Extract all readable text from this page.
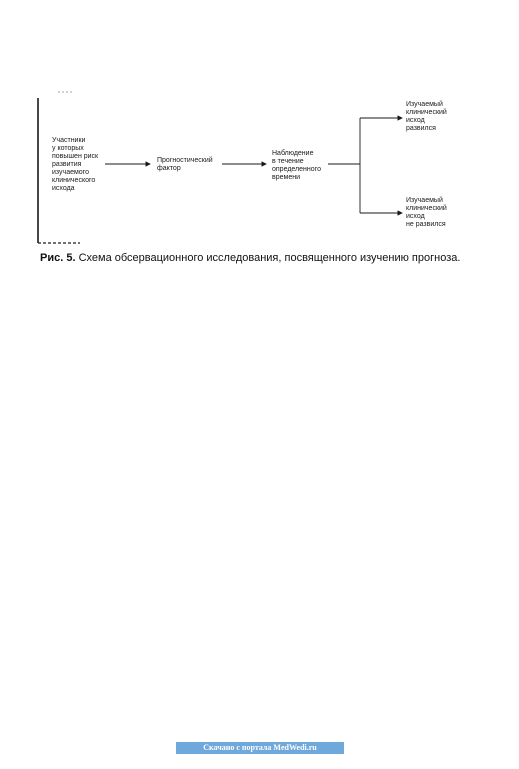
Участники
у которых
повышен риск
развития
изучаемого
клинического
исхода
Прогностический
фактор
Наблюдение
в течение
определенного
времени
Изучаемый
клинический
исход
развился
Изучаемый
клинический
исход
не развился
Рис. 5. Схема обсервационного исследования, посвященного изучению прогноза.
Скачано с портала MedWedi.ru
